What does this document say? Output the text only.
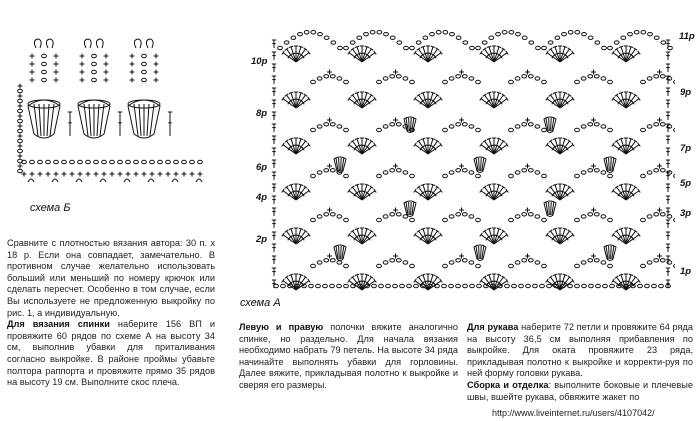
схема Б
схема А
10р
8р
6р
4р
2р
11р
9р
7р
5р
3р
1р

Сравните с плотностью вязания автора: 30 п. х 18 р. Если она совпадает, замечательно. В противном случае желательно использовать больший или меньший по номеру крючок или сделать пересчет. Особенно в том случае, если Вы используете не предложенную выкройку по рис. 1, а индивидуальную.

Для вязания спинки наберите 156 ВП и провяжите 60 рядов по схеме А на высоту 34 см, выполнив убавки для приталивания согласно выкройке. В районе проймы убавьте полтора раппорта и провяжите прямо 35 рядов на высоту 19 см. Выполните скос плеча.

Левую и правую полочки вяжите аналогично спинке, но раздельно. Для начала вязания необходимо набрать 79 петель. На высоте 34 ряда начинайте выполнять убавки для горловины. Далее вяжите, прикладывая полотно к выкройке и сверяя его размеры.

Для рукава наберите 72 петли и провяжите 64 ряда на высоту 36,5 см выполняя прибавления по выкройке. Для оката провяжите 23 ряда, прикладывая полотно к выкройке и корректи-руя по ней форму головки рукава.

Сборка и отделка: выполните боковые и плечевые швы, вшейте рукава, обвяжите жакет по

http://www.liveinternet.ru/users/4107042/
